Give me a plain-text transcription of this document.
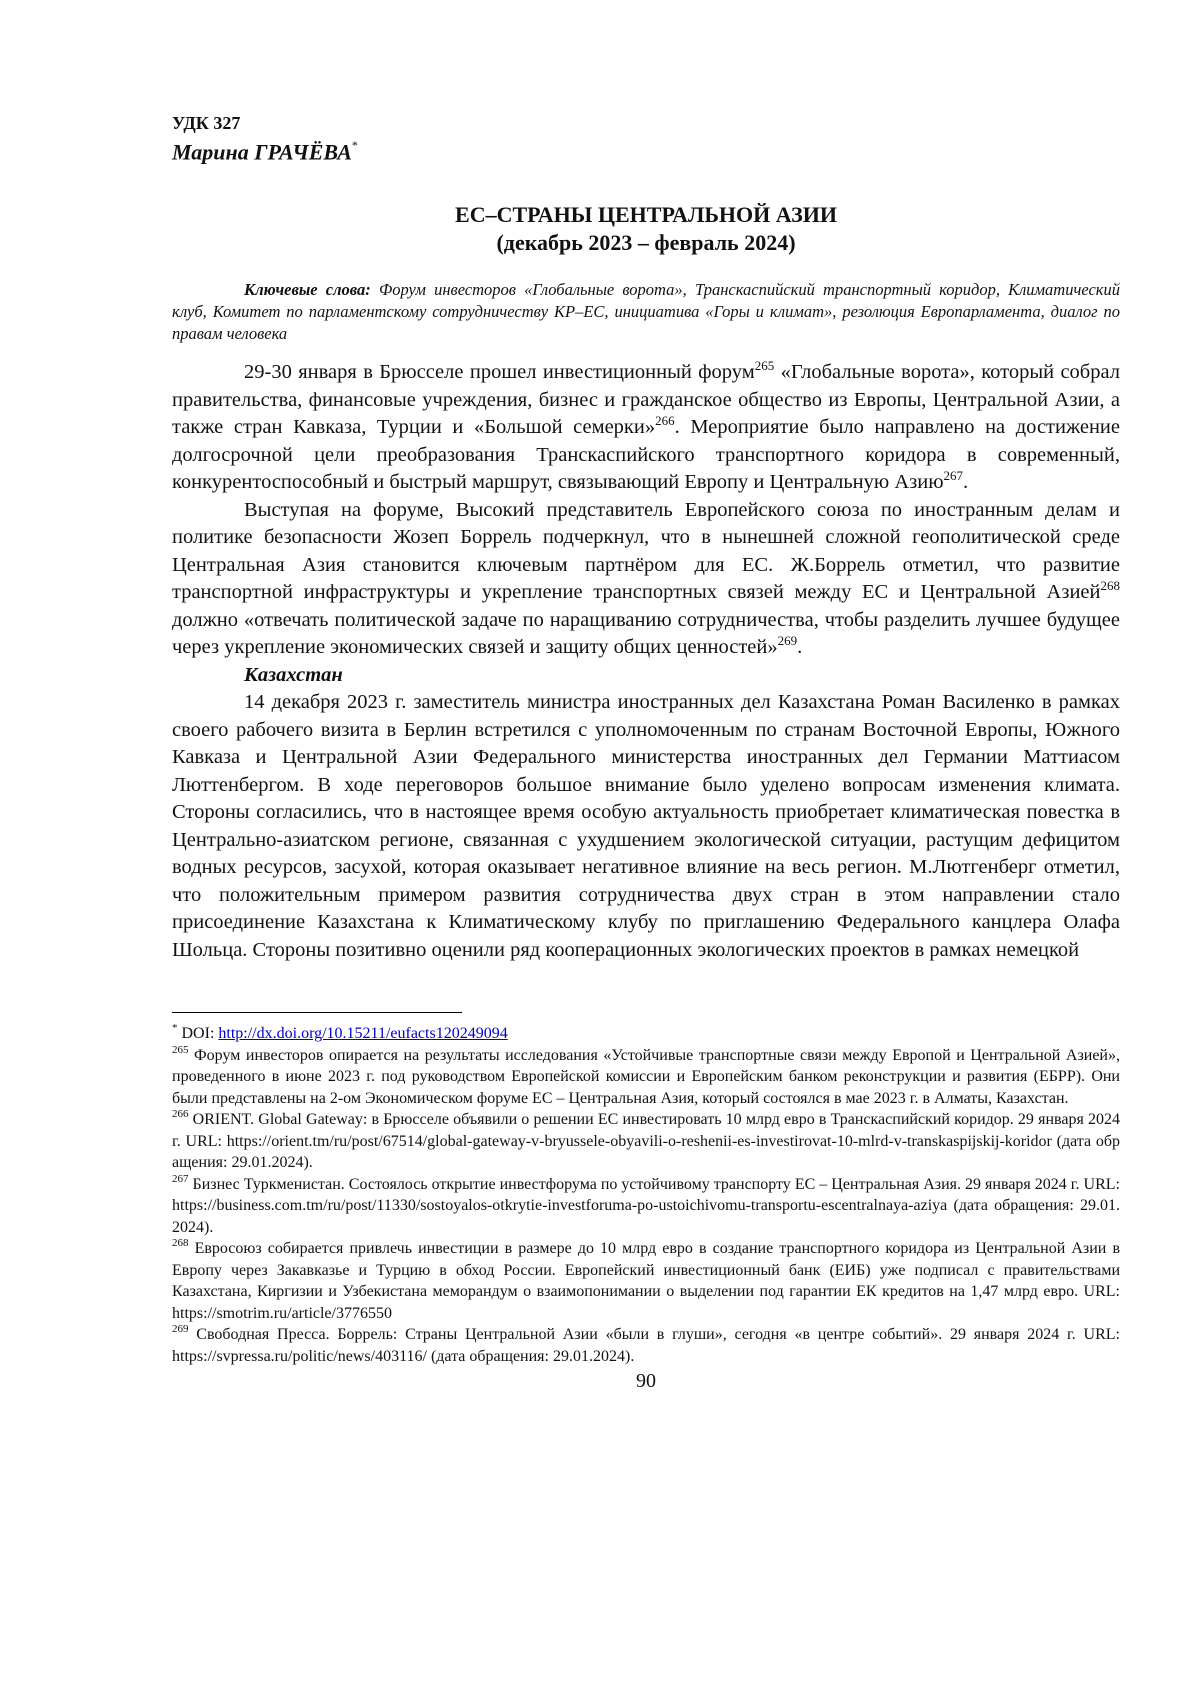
УДК 327

Марина ГРАЧЁВА*

ЕС–СТРАНЫ ЦЕНТРАЛЬНОЙ АЗИИ

(декабрь 2023 – февраль 2024)

Ключевые слова: Форум инвесторов «Глобальные ворота», Транскаспийский транспортный коридор, Климатический клуб, Комитет по парламентскому сотрудничеству КР–ЕС, инициатива «Горы и климат», резолюция Европарламента, диалог по правам человека

29-30 января в Брюсселе прошел инвестиционный форум$^{265}$ «Глобальные ворота», который собрал правительства, финансовые учреждения, бизнес и гражданское общество из Европы, Центральной Азии, а также стран Кавказа, Турции и «Большой семерки»$^{266}$. Мероприятие было направлено на достижение долгосрочной цели преобразования Транскаспийского транспортного коридора в современный, конкурентоспособный и быстрый маршрут, связывающий Европу и Центральную Азию$^{267}$.

Выступая на форуме, Высокий представитель Европейского союза по иностранным делам и политике безопасности Жозеп Боррель подчеркнул, что в нынешней сложной геополитической среде Центральная Азия становится ключевым партнёром для ЕС. Ж.Боррель отметил, что развитие транспортной инфраструктуры и укрепление транспортных связей между ЕС и Центральной Азией$^{268}$ должно «отвечать политической задаче по наращиванию сотрудничества, чтобы разделить лучшее будущее через укрепление экономических связей и защиту общих ценностей»$^{269}$.

Казахстан

14 декабря 2023 г. заместитель министра иностранных дел Казахстана Роман Василенко в рамках своего рабочего визита в Берлин встретился с уполномоченным по странам Восточной Европы, Южного Кавказа и Центральной Азии Федерального министерства иностранных дел Германии Маттиасом Люттенбергом. В ходе переговоров большое внимание было уделено вопросам изменения климата. Стороны согласились, что в настоящее время особую актуальность приобретает климатическая повестка в Центрально-азиатском регионе, связанная с ухудшением экологической ситуации, растущим дефицитом водных ресурсов, засухой, которая оказывает негативное влияние на весь регион. М.Лютгенберг отметил, что положительным примером развития сотрудничества двух стран в этом направлении стало присоединение Казахстана к Климатическому клубу по приглашению Федерального канцлера Олафа Шольца. Стороны позитивно оценили ряд кооперационных экологических проектов в рамках немецкой

* DOI: http://dx.doi.org/10.15211/eufacts120249094

$^{265}$ Форум инвесторов опирается на результаты исследования «Устойчивые транспортные связи между Европой и Центральной Азией», проведенного в июне 2023 г. под руководством Европейской комиссии и Европейским банком реконструкции и развития (ЕБРР). Они были представлены на 2-ом Экономическом форуме ЕС – Центральная Азия, который состоялся в мае 2023 г. в Алматы, Казахстан.

$^{266}$ ORIENT. Global Gateway: в Брюсселе объявили о решении ЕС инвестировать 10 млрд евро в Транскаспийский коридор. 29 января 2024 г. URL: https://orient.tm/ru/post/67514/global-gateway-v-bryussele-obyavili-o-reshenii-es-investirovat-10-mlrd-v-transkaspijskij-koridor (дата обращения: 29.01.2024).

$^{267}$ Бизнес Туркменистан. Состоялось открытие инвестфорума по устойчивому транспорту ЕС – Центральная Азия. 29 января 2024 г. URL: https://business.com.tm/ru/post/11330/sostoyalos-otkrytie-investforuma-po-ustoichivomu-transportu-escentralnaya-aziya (дата обращения: 29.01.2024).

$^{268}$ Евросоюз собирается привлечь инвестиции в размере до 10 млрд евро в создание транспортного коридора из Центральной Азии в Европу через Закавказье и Турцию в обход России. Европейский инвестиционный банк (ЕИБ) уже подписал с правительствами Казахстана, Киргизии и Узбекистана меморандум о взаимопонимании о выделении под гарантии ЕК кредитов на 1,47 млрд евро. URL: https://smotrim.ru/article/3776550

$^{269}$ Свободная Пресса. Боррель: Страны Центральной Азии «были в глуши», сегодня «в центре событий». 29 января 2024 г. URL: https://svpressa.ru/politic/news/403116/ (дата обращения: 29.01.2024).

90
